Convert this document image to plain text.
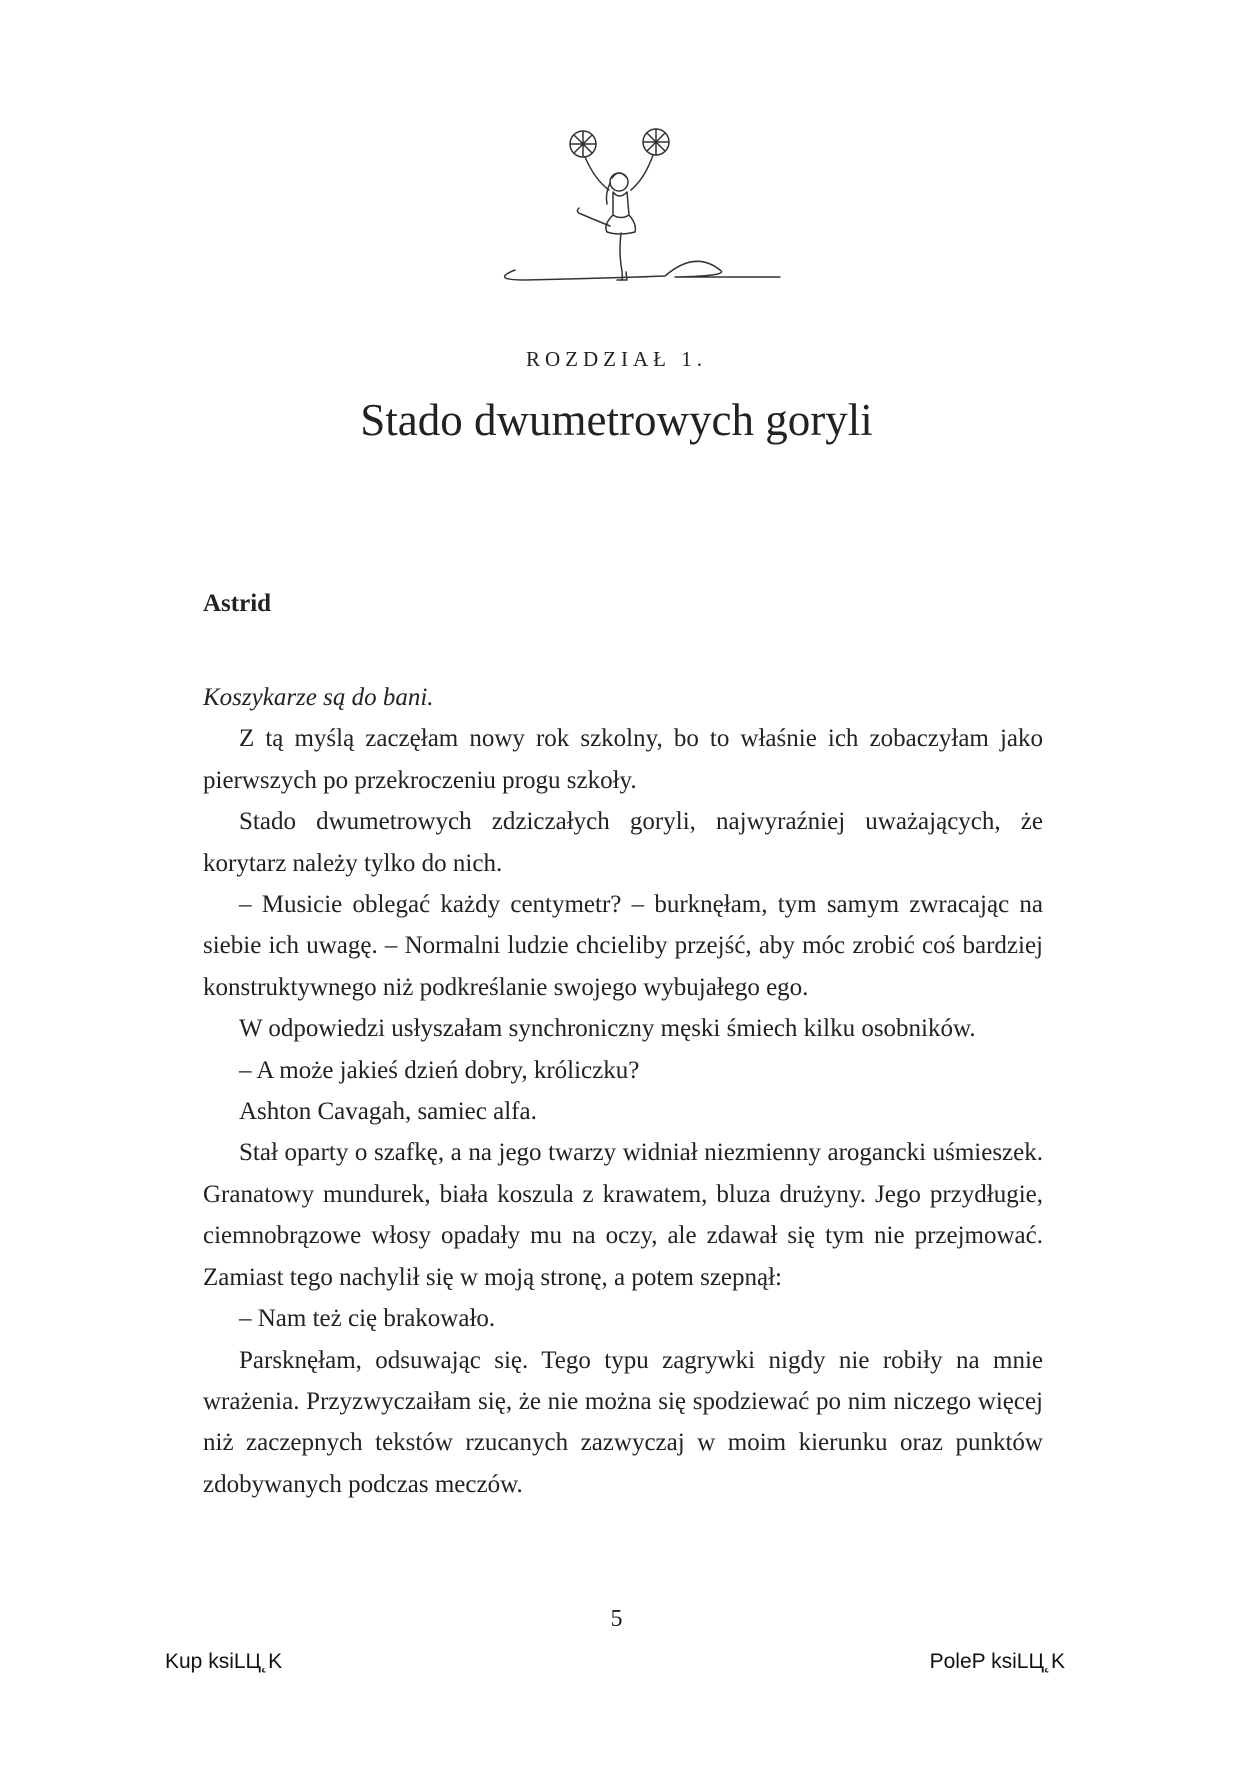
ROZDZIAŁ 1.
Stado dwumetrowych goryli
Astrid

Koszykarze są do bani.

Z tą myślą zaczęłam nowy rok szkolny, bo to właśnie ich zobaczyłam jako pierwszych po przekroczeniu progu szkoły.

Stado dwumetrowych zdziczałych goryli, najwyraźniej uważających, że korytarz należy tylko do nich.

– Musicie oblegać każdy centymetr? – burknęłam, tym samym zwracając na siebie ich uwagę. – Normalni ludzie chcieliby przejść, aby móc zrobić coś bardziej konstruktywnego niż podkreślanie swojego wybujałego ego.

W odpowiedzi usłyszałam synchroniczny męski śmiech kilku osobników.

– A może jakieś dzień dobry, króliczku?

Ashton Cavagah, samiec alfa.

Stał oparty o szafkę, a na jego twarzy widniał niezmienny arogancki uśmieszek. Granatowy mundurek, biała koszula z krawatem, bluza drużyny. Jego przydługie, ciemnobrązowe włosy opadały mu na oczy, ale zdawał się tym nie przejmować. Zamiast tego nachylił się w moją stronę, a potem szepnął:

– Nam też cię brakowało.

Parsknęłam, odsuwając się. Tego typu zagrywki nigdy nie robiły na mnie wrażenia. Przyzwyczaiłam się, że nie można się spodziewać po nim niczego więcej niż zaczepnych tekstów rzucanych zazwyczaj w moim kierunku oraz punktów zdobywanych podczas meczów.

5
Kup ksiLЦ˛K	PoleP ksiLЦ˛K
